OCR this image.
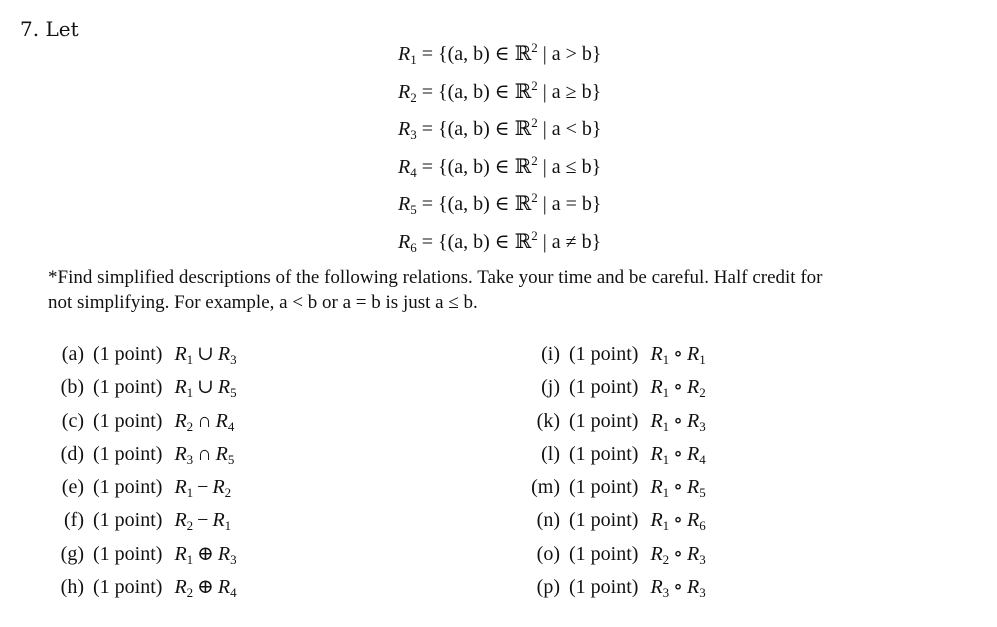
7. Let
$R_1 = \{(a$, b) ∈ ℝ$^2$ | a > b}
$R_2 = \{(a$, b) ∈ ℝ$^2$ | a ≥ b}
$R_3 = \{(a$, b) ∈ ℝ$^2$ | a < b}
$R_4 = \{(a$, b) ∈ ℝ$^2$ | a ≤ b}
$R_5 = \{(a$, b) ∈ ℝ$^2$ | a = b}
$R_6 = \{(a$, b) ∈ ℝ$^2$ | a ≠ b}

*Find simplified descriptions of the following relations. Take your time and be careful. Half credit for

not simplifying. For example, a < b or a = b is just a ≤ b.

(a) (1 point) $R_1$ ∪ $R_3$
(b) (1 point) $R_1$ ∪ $R_5$
(c) (1 point) $R_2$ ∩ $R_4$
(d) (1 point) $R_3$ ∩ $R_5$
(e) (1 point) $R_1 - R_2$
(f) (1 point) $R_2 - R_1$
(g) (1 point) $R_1$ ⊕ $R_3$
(h) (1 point) $R_2$ ⊕ $R_4$
(i) (1 point) $R_1$ ∘ $R_1$
(j) (1 point) $R_1$ ∘ $R_2$
(k) (1 point) $R_1$ ∘ $R_3$
(l) (1 point) $R_1$ ∘ $R_4$
(m) (1 point) $R_1$ ∘ $R_5$
(n) (1 point) $R_1$ ∘ $R_6$
(o) (1 point) $R_2$ ∘ $R_3$
(p) (1 point) $R_3$ ∘ $R_3$
